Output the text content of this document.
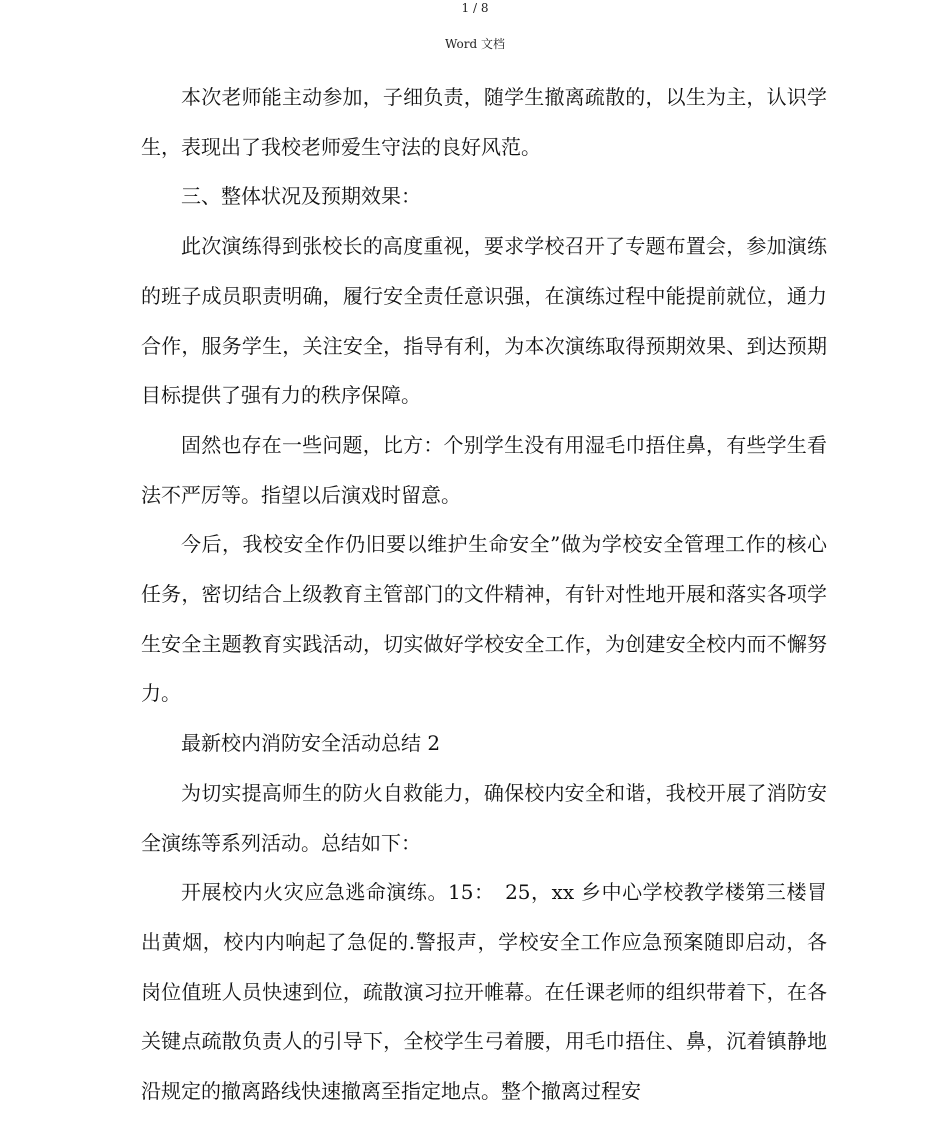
1 / 8
Word 文档

本次老师能主动参加，子细负责，随学生撤离疏散的，以生为主，认识学生，表现出了我校老师爱生守法的良好风范。

三、整体状况及预期效果：

此次演练得到张校长的高度重视，要求学校召开了专题布置会，参加演练的班子成员职责明确，履行安全责任意识强，在演练过程中能提前就位，通力合作，服务学生，关注安全，指导有利，为本次演练取得预期效果、到达预期目标提供了强有力的秩序保障。

固然也存在一些问题，比方：个别学生没有用湿毛巾捂住鼻，有些学生看法不严厉等。指望以后演戏时留意。

今后，我校安全作仍旧要以维护生命安全”做为学校安全管理工作的核心任务，密切结合上级教育主管部门的文件精神，有针对性地开展和落实各项学生安全主题教育实践活动，切实做好学校安全工作，为创建安全校内而不懈努力。

最新校内消防安全活动总结 2

为切实提高师生的防火自救能力，确保校内安全和谐，我校开展了消防安全演练等系列活动。总结如下：

开展校内火灾应急逃命演练。15：　25，xx 乡中心学校教学楼第三楼冒出黄烟，校内内响起了急促的.警报声，学校安全工作应急预案随即启动，各岗位值班人员快速到位，疏散演习拉开帷幕。在任课老师的组织带着下，在各关键点疏散负责人的引导下，全校学生弓着腰，用毛巾捂住、鼻，沉着镇静地沿规定的撤离路线快速撤离至指定地点。整个撤离过程安
